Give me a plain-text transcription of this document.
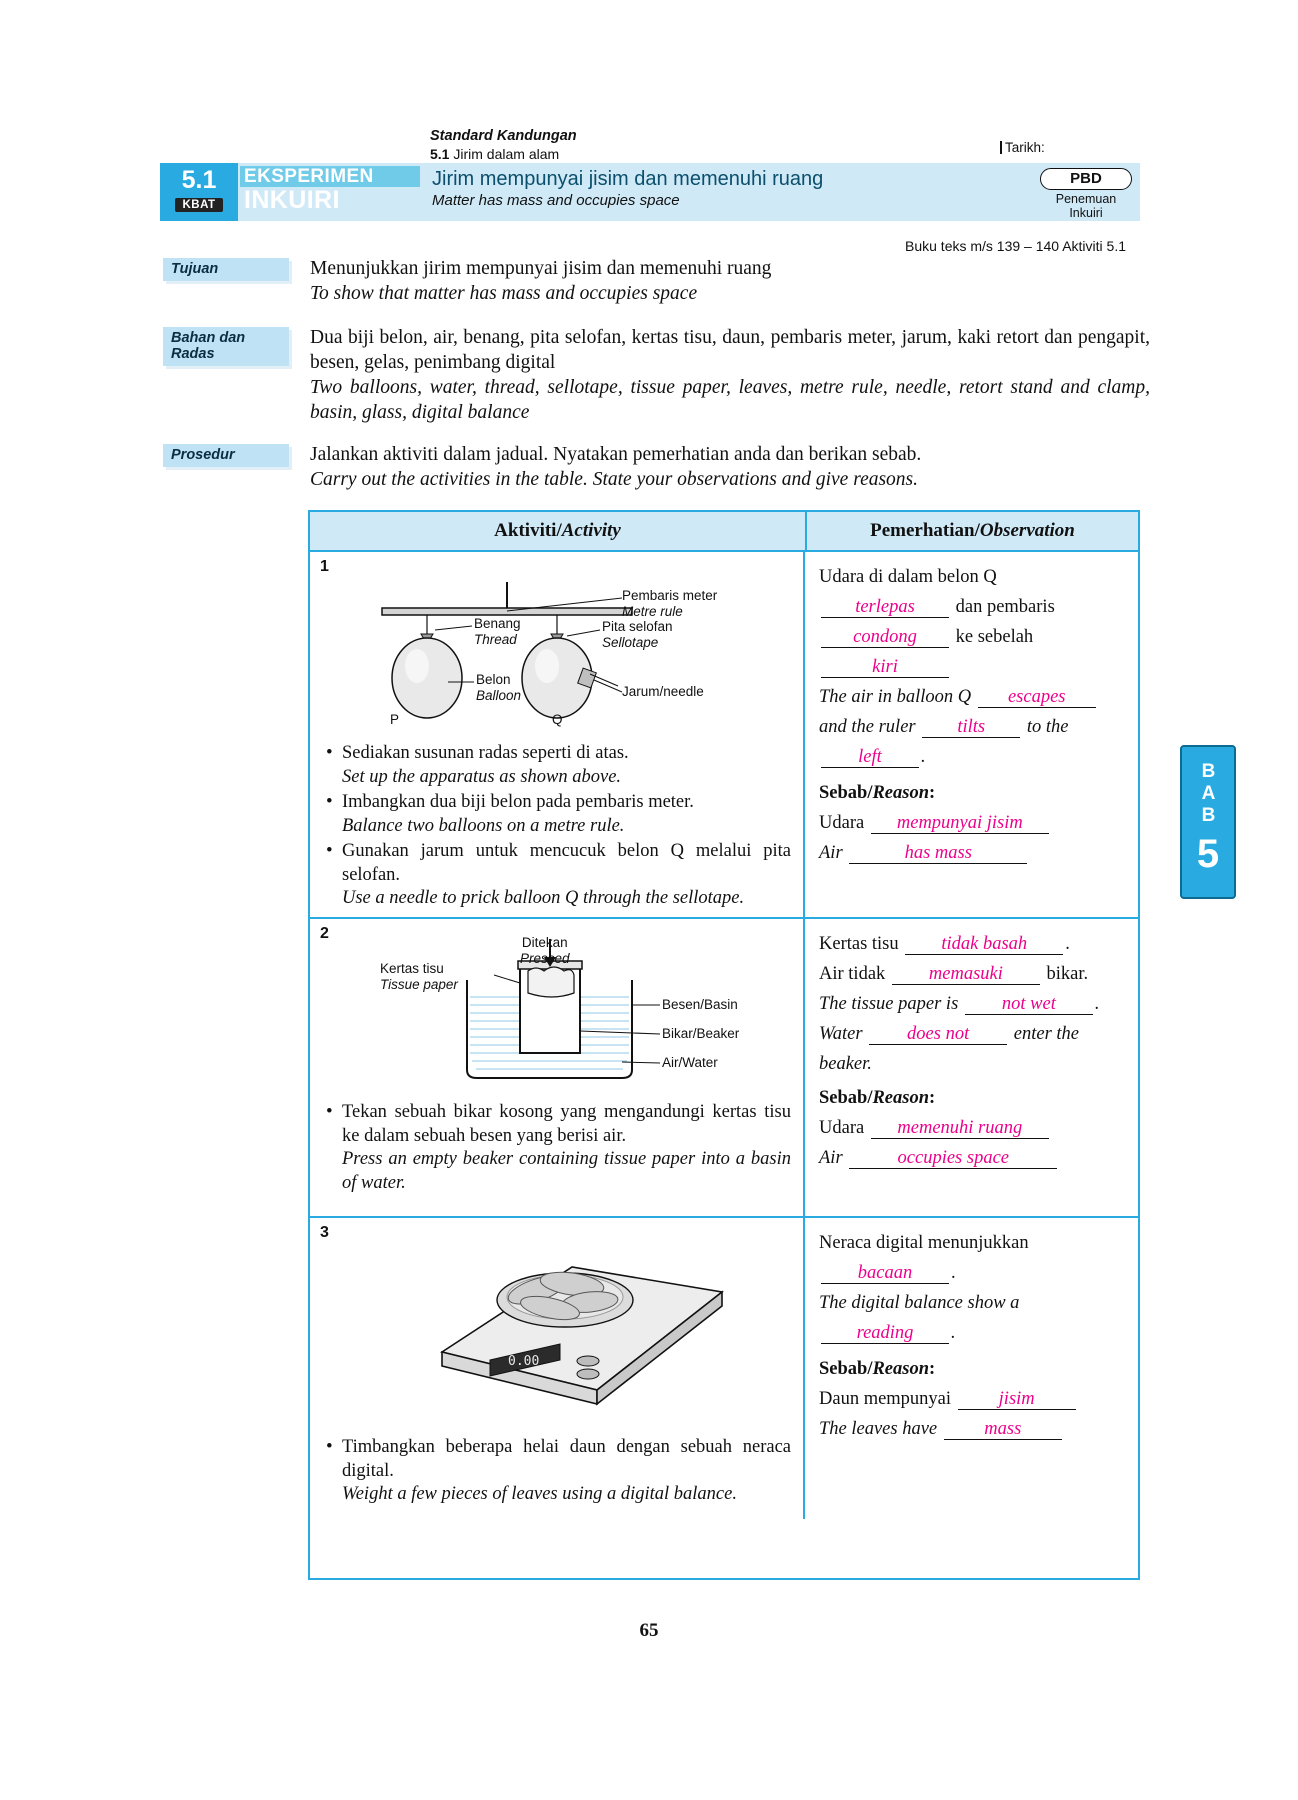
Standard Kandungan
5.1 Jirim dalam alam	Tarikh:
5.1
KBAT
EKSPERIMEN
INKUIRI
Jirim mempunyai jisim dan memenuhi ruang
Matter has mass and occupies space
PBD
Penemuan
Inkuiri
Buku teks m/s 139 – 140 Aktiviti 5.1
Tujuan	Menunjukkan jirim mempunyai jisim dan memenuhi ruang
To show that matter has mass and occupies space
Bahan dan
Radas
Dua biji belon, air, benang, pita selofan, kertas tisu, daun, pembaris meter, jarum, kaki retort dan pengapit, besen, gelas, penimbang digital
Two balloons, water, thread, sellotape, tissue paper, leaves, metre rule, needle, retort stand and clamp, basin, glass, digital balance
Prosedur	Jalankan aktiviti dalam jadual. Nyatakan pemerhatian anda dan berikan sebab.
Carry out the activities in the table. State your observations and give reasons.
Aktiviti/Activity	Pemerhatian/Observation
1
Pembaris meter
Metre rule
Benang
Thread
Pita selofan
Sellotape
Belon
Balloon	Jarum/needle
P	Q
• Sediakan susunan radas seperti di atas.
Set up the apparatus as shown above.
• Imbangkan dua biji belon pada pembaris meter.
Balance two balloons on a metre rule.
• Gunakan jarum untuk mencucuk belon Q melalui pita selofan.
Use a needle to prick balloon Q through the sellotape.
Udara di dalam belon Q
terlepas dan pembaris
condong ke sebelah
kiri
The air in balloon Q escapes
and the ruler tilts to the
left .
Sebab/Reason:
Udara mempunyai jisim
Air	has mass
2
Ditekan
Pressed
Kertas tisu
Tissue paper
Besen/Basin
Bikar/Beaker
Air/Water
• Tekan sebuah bikar kosong yang mengandungi kertas tisu ke dalam sebuah besen yang berisi air.
Press an empty beaker containing tissue paper into a basin of water.
Kertas tisu tidak basah .
Air tidak memasuki bikar.
The tissue paper is not wet .
Water does not enter the beaker.
Sebab/Reason:
Udara memenuhi ruang
Air	occupies space
3
0.00
• Timbangkan beberapa helai daun dengan sebuah neraca digital.
Weight a few pieces of leaves using a digital balance.
Neraca digital menunjukkan
bacaan .
The digital balance show a
reading .
Sebab/Reason:
Daun mempunyai	jisim
The leaves have	mass
BAB
5
65
